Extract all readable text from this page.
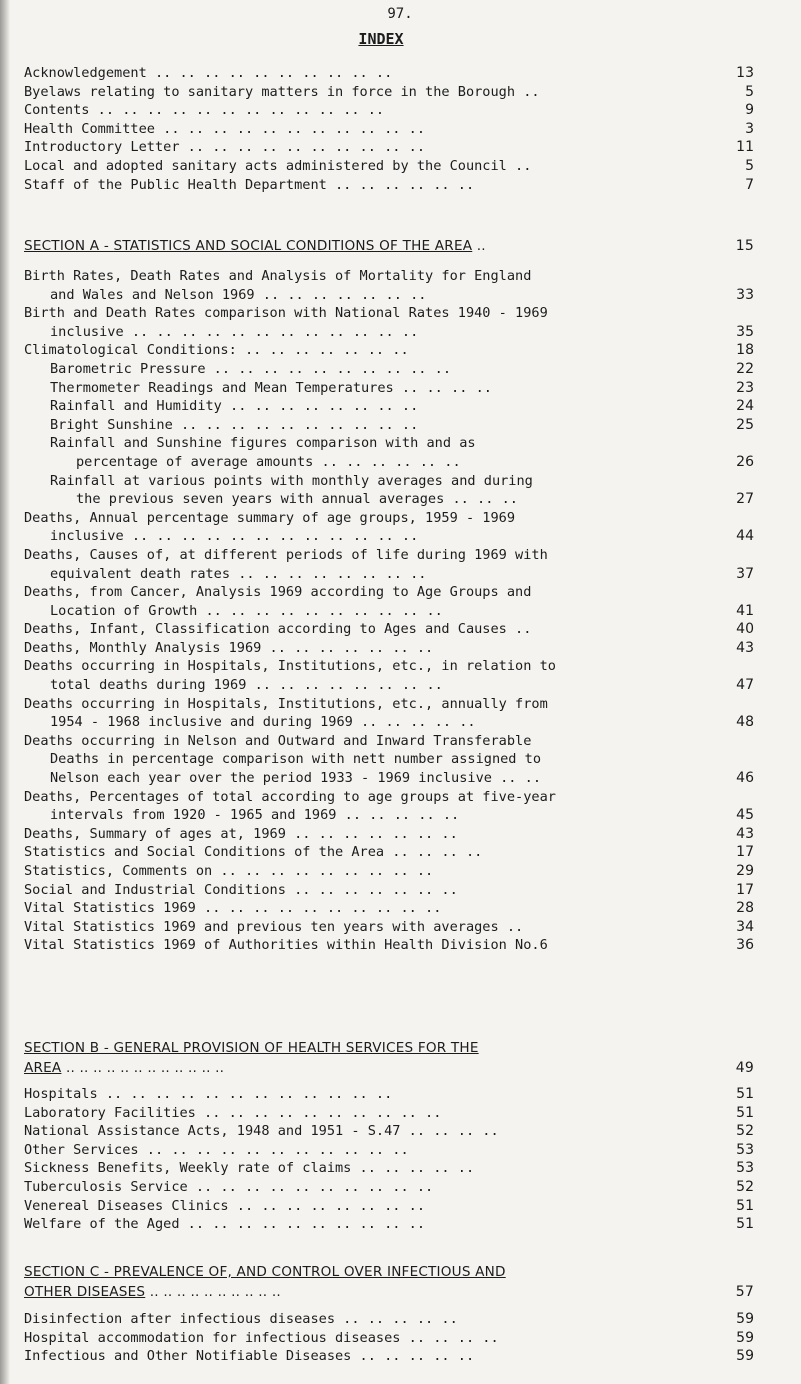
97.
INDEX
Acknowledgement .. .. .. .. .. .. .. .. .. ..	13
Byelaws relating to sanitary matters in force in the Borough ..	5
Contents .. .. .. .. .. .. .. .. .. .. .. ..	9
Health Committee .. .. .. .. .. .. .. .. .. .. ..	3
Introductory Letter .. .. .. .. .. .. .. .. .. ..	11
Local and adopted sanitary acts administered by the Council ..	5
Staff of the Public Health Department .. .. .. .. .. ..	7
SECTION A - STATISTICS AND SOCIAL CONDITIONS OF THE AREA ..	15
Birth Rates, Death Rates and Analysis of Mortality for England
and Wales and Nelson 1969 .. .. .. .. .. .. ..	33
Birth and Death Rates comparison with National Rates 1940 - 1969
inclusive .. .. .. .. .. .. .. .. .. .. .. ..	35
Climatological Conditions: .. .. .. .. .. .. ..	18
Barometric Pressure .. .. .. .. .. .. .. .. .. ..	22
Thermometer Readings and Mean Temperatures .. .. .. ..	23
Rainfall and Humidity .. .. .. .. .. .. .. ..	24
Bright Sunshine .. .. .. .. .. .. .. .. .. ..	25
Rainfall and Sunshine figures comparison with and as
percentage of average amounts .. .. .. .. .. ..	26
Rainfall at various points with monthly averages and during
the previous seven years with annual averages .. .. ..	27
Deaths, Annual percentage summary of age groups, 1959 - 1969
inclusive .. .. .. .. .. .. .. .. .. .. .. ..	44
Deaths, Causes of, at different periods of life during 1969 with
equivalent death rates .. .. .. .. .. .. .. ..	37
Deaths, from Cancer, Analysis 1969 according to Age Groups and
Location of Growth .. .. .. .. .. .. .. .. .. ..	41
Deaths, Infant, Classification according to Ages and Causes ..	40
Deaths, Monthly Analysis 1969 .. .. .. .. .. .. ..	43
Deaths occurring in Hospitals, Institutions, etc., in relation to
total deaths during 1969 .. .. .. .. .. .. .. ..	47
Deaths occurring in Hospitals, Institutions, etc., annually from
1954 - 1968 inclusive and during 1969 .. .. .. .. ..	48
Deaths occurring in Nelson and Outward and Inward Transferable
Deaths in percentage comparison with nett number assigned to
Nelson each year over the period 1933 - 1969 inclusive .. ..	46
Deaths, Percentages of total according to age groups at five-year
intervals from 1920 - 1965 and 1969 .. .. .. .. ..	45
Deaths, Summary of ages at, 1969 .. .. .. .. .. .. ..	43
Statistics and Social Conditions of the Area .. .. .. ..	17
Statistics, Comments on .. .. .. .. .. .. .. .. ..	29
Social and Industrial Conditions .. .. .. .. .. .. ..	17
Vital Statistics 1969 .. .. .. .. .. .. .. .. .. ..	28
Vital Statistics 1969 and previous ten years with averages ..	34
Vital Statistics 1969 of Authorities within Health Division No.6	36
SECTION B - GENERAL PROVISION OF HEALTH SERVICES FOR THE
AREA .. .. .. .. .. .. .. .. .. .. .. ..	49
Hospitals .. .. .. .. .. .. .. .. .. .. .. ..	51
Laboratory Facilities .. .. .. .. .. .. .. .. .. ..	51
National Assistance Acts, 1948 and 1951 - S.47 .. .. .. ..	52
Other Services .. .. .. .. .. .. .. .. .. .. ..	53
Sickness Benefits, Weekly rate of claims .. .. .. .. ..	53
Tuberculosis Service .. .. .. .. .. .. .. .. .. ..	52
Venereal Diseases Clinics .. .. .. .. .. .. .. ..	51
Welfare of the Aged .. .. .. .. .. .. .. .. .. ..	51
SECTION C - PREVALENCE OF, AND CONTROL OVER INFECTIOUS AND
OTHER DISEASES .. .. .. .. .. .. .. .. .. ..	57
Disinfection after infectious diseases .. .. .. .. ..	59
Hospital accommodation for infectious diseases .. .. .. ..	59
Infectious and Other Notifiable Diseases .. .. .. .. ..	59
